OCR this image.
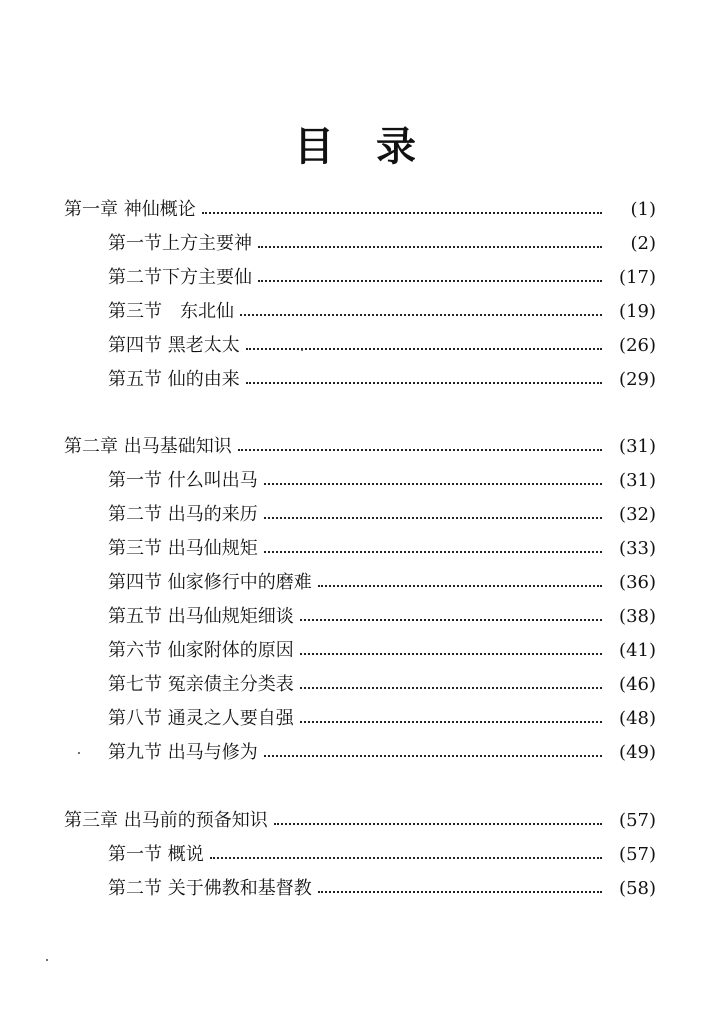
目 录
第一章 神仙概论	(1)
第一节上方主要神	(2)
第二节下方主要仙	(17)
第三节　东北仙	(19)
第四节 黑老太太	(26)
第五节 仙的由来	(29)
第二章 出马基础知识	(31)
第一节 什么叫出马	(31)
第二节 出马的来历	(32)
第三节 出马仙规矩	(33)
第四节 仙家修行中的磨难	(36)
第五节 出马仙规矩细谈	(38)
第六节 仙家附体的原因	(41)
第七节 冤亲债主分类表	(46)
第八节 通灵之人要自强	(48)
第九节 出马与修为	(49)
第三章 出马前的预备知识	(57)
第一节 概说	(57)
第二节 关于佛教和基督教	(58)
